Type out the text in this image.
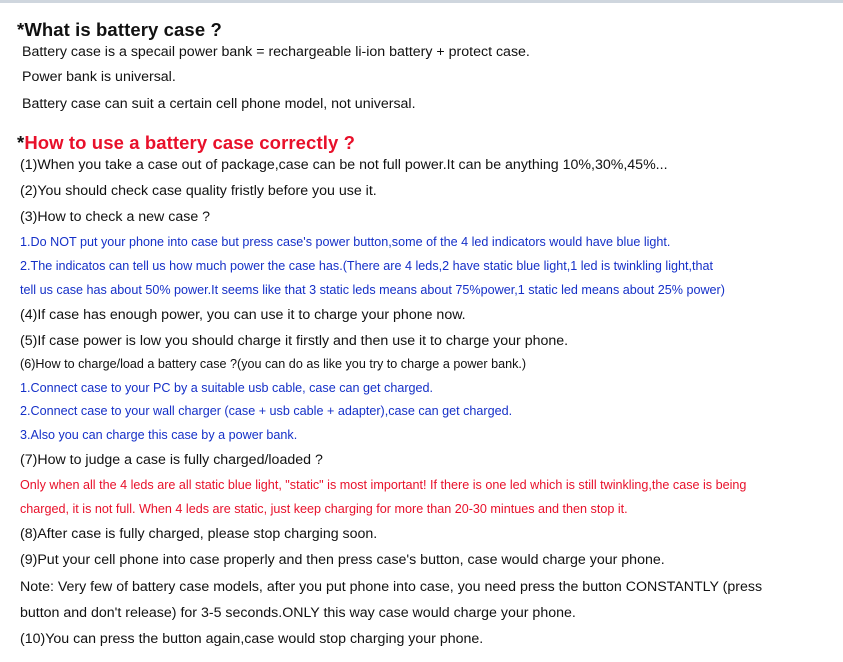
*What is battery case ?
Battery case is a specail power bank = rechargeable li-ion battery + protect case.
Power bank is universal.
Battery case can suit a certain cell phone model, not universal.
*How to use a battery case correctly ?
(1)When you take a case out of package,case can be not full power.It can be anything 10%,30%,45%...
(2)You should check case quality fristly before you use it.
(3)How to check a new case ?
1.Do NOT put your phone into case but press case's power button,some of the 4 led indicators would have blue light.
2.The indicatos can tell us how much power the case has.(There are 4 leds,2 have static blue light,1 led is twinkling light,that
tell us case has about 50% power.It seems like that 3 static leds means about 75%power,1 static led means about 25% power)
(4)If case has enough power, you can use it to charge your phone now.
(5)If case power is low you should charge it firstly and then use it to charge your phone.
(6)How to charge/load a battery case ?(you can do as like you try to charge a power bank.)
1.Connect case to your PC by a suitable usb cable, case can get charged.
2.Connect case to your wall charger (case + usb cable + adapter),case can get charged.
3.Also you can charge this case by a power bank.
(7)How to judge a case is fully charged/loaded ?
Only when all the 4 leds are all static blue light, "static" is most important! If there is one led which is still twinkling,the case is being
charged, it is not full. When 4 leds are static, just keep charging for more than 20-30 mintues and then stop it.
(8)After case is fully charged, please stop charging soon.
(9)Put your cell phone into case properly and then press case's button, case would charge your phone.
Note: Very few of battery case models, after you put phone into case, you need press the button CONSTANTLY (press
button and don't release) for 3-5 seconds.ONLY this way case would charge your phone.
(10)You can press the button again,case would stop charging your phone.
